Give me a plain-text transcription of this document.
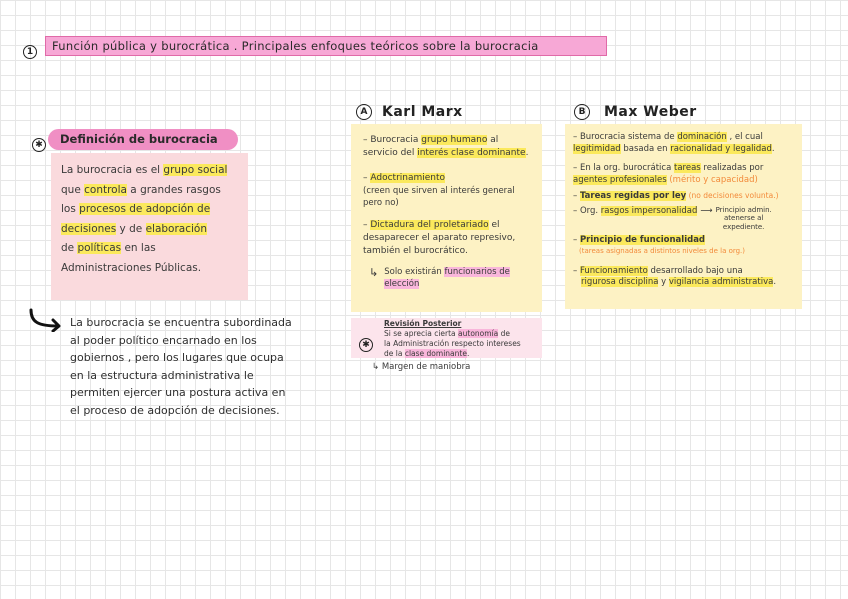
1	Función pública y burocrática . Principales enfoques teóricos sobre la burocracia
✱	Definición de burocracia

La burocracia es el grupo social

que controla a grandes rasgos

los procesos de adopción de

decisiones y de elaboración

de políticas en las

Administraciones Públicas.

La burocracia se encuentra subordinada

al poder político encarnado en los

gobiernos , pero los lugares que ocupa

en la estructura administrativa le

permiten ejercer una postura activa en

el proceso de adopción de decisiones.

A	Karl Marx

– Burocracia grupo humano al

servicio del interés clase dominante.

– Adoctrinamiento

(creen que sirven al interés general

pero no)

– Dictadura del proletariado el

desaparecer el aparato represivo,

también el burocrático.

↳ Solo existirán funcionarios de

elección

✱

Revisión Posterior

Si se aprecia cierta autonomía de

la Administración respecto intereses

de la clase dominante.

↳ Margen de maniobra
B	Max Weber

– Burocracia sistema de dominación , el cual

legitimidad basada en racionalidad y legalidad.

– En la org. burocrática tareas realizadas por

agentes profesionales (mérito y capacidad)

– Tareas regidas por ley (no decisiones volunta.)

– Org. rasgos impersonalidad ⟶ Principio admin.

atenerse al

expediente.

– Principio de funcionalidad

(tareas asignadas a distintos niveles de la org.)

– Funcionamiento desarrollado bajo una

rigurosa disciplina y vigilancia administrativa.
